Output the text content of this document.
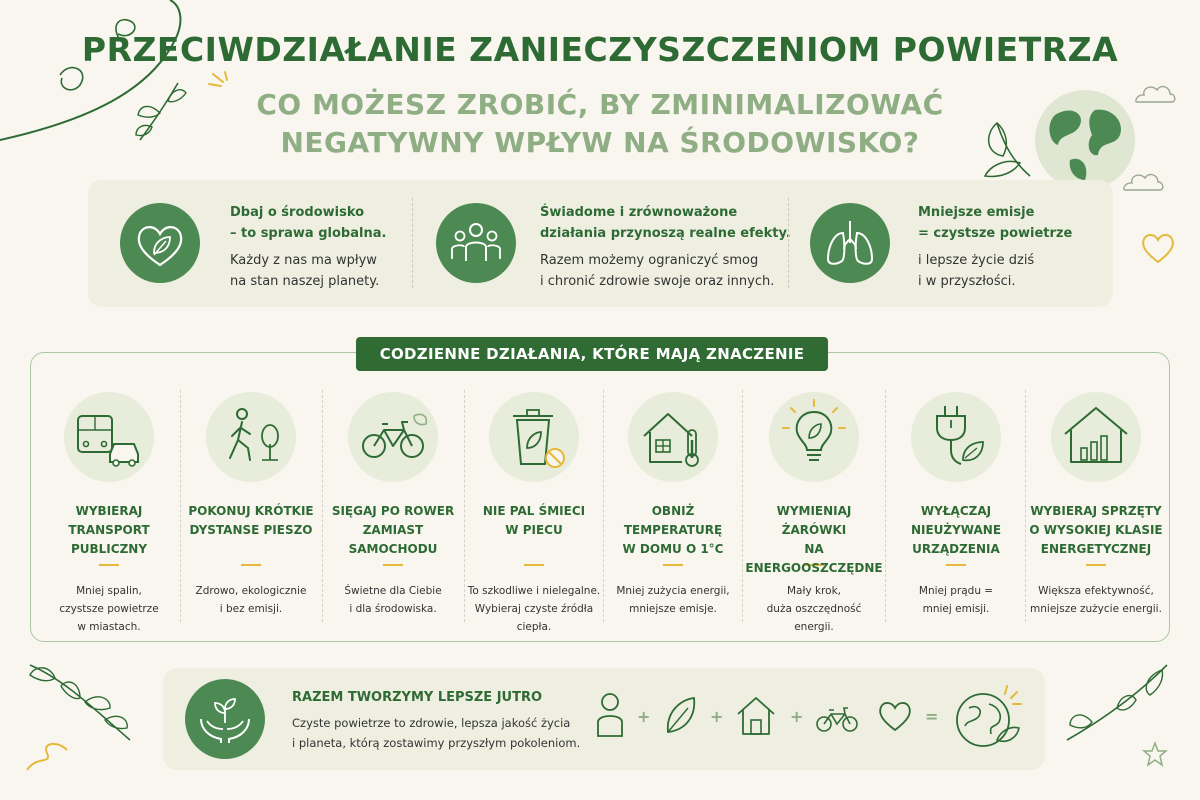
PRZECIWDZIAŁANIE ZANIECZYSZCZENIOM POWIETRZA
CO MOŻESZ ZROBIĆ, BY ZMINIMALIZOWAĆ
NEGATYWNY WPŁYW NA ŚRODOWISKO?
Dbaj o środowisko
– to sprawa globalna.
Każdy z nas ma wpływ
na stan naszej planety.
Świadome i zrównoważone
działania przynoszą realne efekty.
Razem możemy ograniczyć smog
i chronić zdrowie swoje oraz innych.
Mniejsze emisje
= czystsze powietrze
i lepsze życie dziś
i w przyszłości.
CODZIENNE DZIAŁANIA, KTÓRE MAJĄ ZNACZENIE
WYBIERAJ TRANSPORT
PUBLICZNY
Mniej spalin,
czystsze powietrze
w miastach.
POKONUJ KRÓTKIE
DYSTANSE PIESZO
Zdrowo, ekologicznie
i bez emisji.
SIĘGAJ PO ROWER
ZAMIAST SAMOCHODU
Świetne dla Ciebie
i dla środowiska.
NIE PAL ŚMIECI
W PIECU
To szkodliwe i nielegalne.
Wybieraj czyste źródła
ciepła.
OBNIŻ TEMPERATURĘ
W DOMU O 1°C
Mniej zużycia energii,
mniejsze emisje.
WYMIENIAJ ŻARÓWKI
NA ENERGOOSZCZĘDNE
Mały krok,
duża oszczędność
energii.
WYŁĄCZAJ NIEUŻYWANE
URZĄDZENIA
Mniej prądu =
mniej emisji.
WYBIERAJ SPRZĘTY
O WYSOKIEJ KLASIE
ENERGETYCZNEJ
Większa efektywność,
mniejsze zużycie energii.
RAZEM TWORZYMY LEPSZE JUTRO
Czyste powietrze to zdrowie, lepsza jakość życia
i planeta, którą zostawimy przyszłym pokoleniom.
+	+	+	=
